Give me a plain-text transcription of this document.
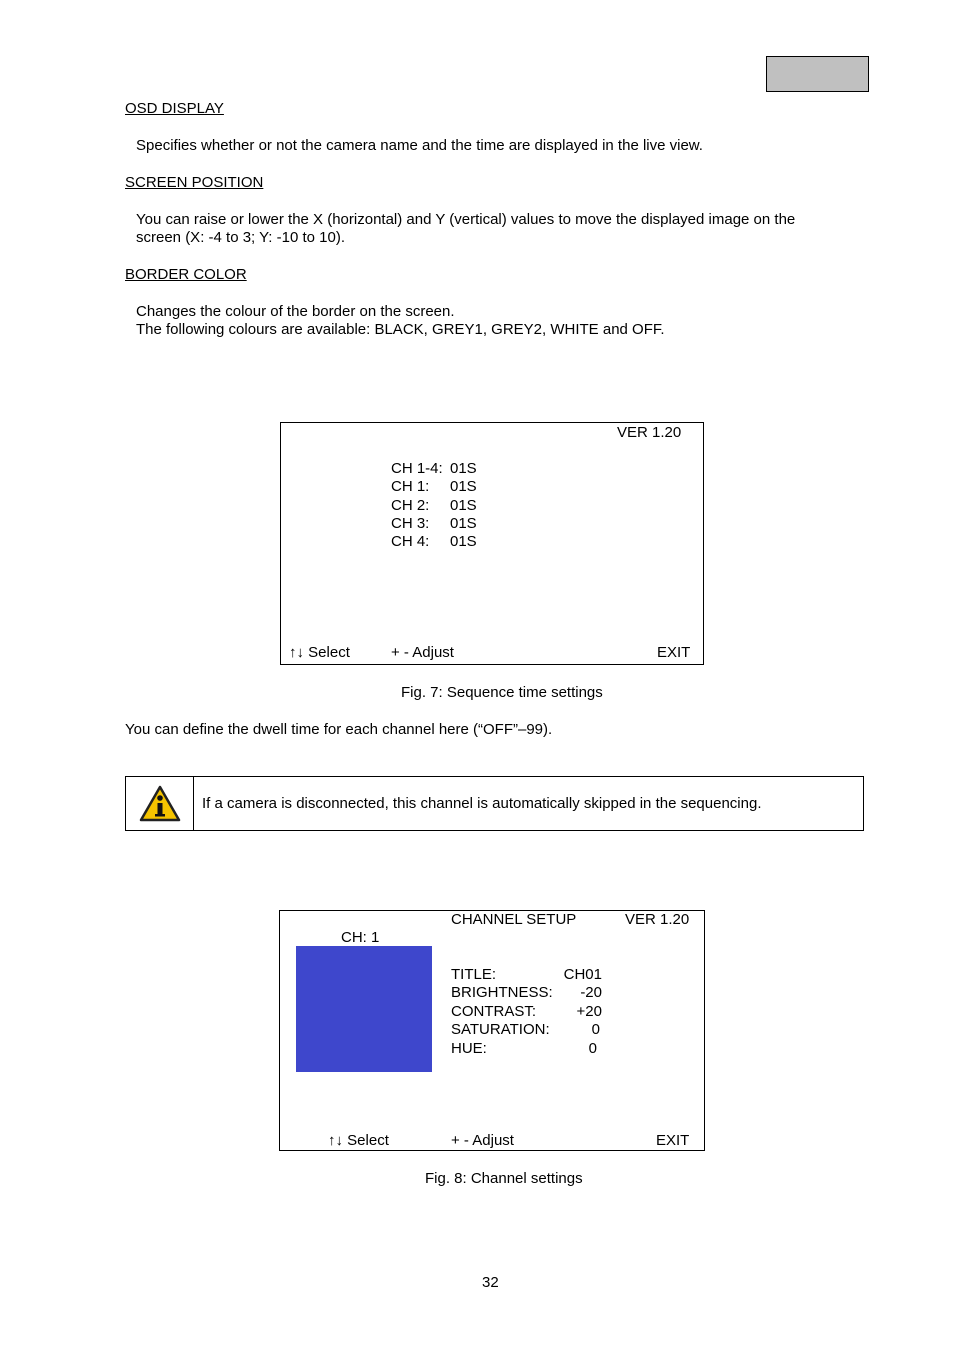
OSD DISPLAY
Specifies whether or not the camera name and the time are displayed in the live view.
SCREEN POSITION
You can raise or lower the X (horizontal) and Y (vertical) values to move the displayed image on the
screen (X: -4 to 3; Y: -10 to 10).
BORDER COLOR
Changes the colour of the border on the screen.
The following colours are available: BLACK, GREY1, GREY2, WHITE and OFF.
VER 1.20
CH 1-4: 01S
CH 1: 01S
CH 2: 01S
CH 3: 01S
CH 4: 01S
↑↓ Select	+ - Adjust	EXIT
Fig. 7: Sequence time settings
You can define the dwell time for each channel here (“OFF”–99).
If a camera is disconnected, this channel is automatically skipped in the sequencing.
CHANNEL SETUP	VER 1.20
CH: 1
TITLE:	CH01
BRIGHTNESS:	-20
CONTRAST:	+20
SATURATION:	0
HUE:	0
↑↓ Select	+ - Adjust	EXIT
Fig. 8: Channel settings
32
